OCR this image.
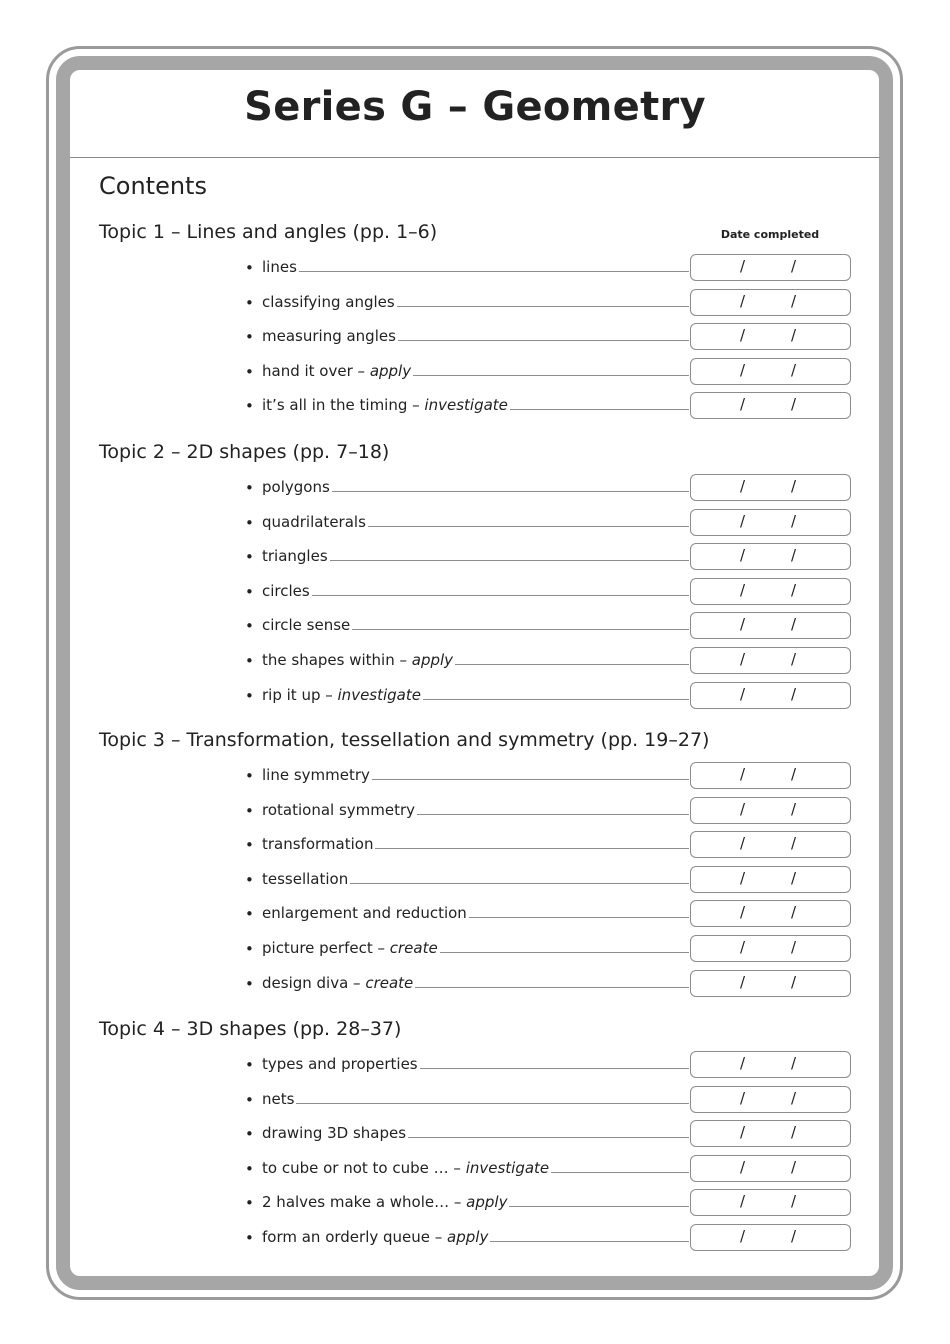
Series G – Geometry
Contents
Date completed
Topic 1 – Lines and angles (pp. 1–6)
• lines	/	/
• classifying angles	/	/
• measuring angles	/	/
• hand it over – apply	/	/
• it’s all in the timing – investigate	/	/
Topic 2 – 2D shapes (pp. 7–18)
• polygons	/	/
• quadrilaterals	/	/
• triangles	/	/
• circles	/	/
• circle sense	/	/
• the shapes within – apply	/	/
• rip it up – investigate	/	/
Topic 3 – Transformation, tessellation and symmetry (pp. 19–27)
• line symmetry	/	/
• rotational symmetry	/	/
• transformation	/	/
• tessellation	/	/
• enlargement and reduction	/	/
• picture perfect – create	/	/
• design diva – create	/	/
Topic 4 – 3D shapes (pp. 28–37)
• types and properties	/	/
• nets	/	/
• drawing 3D shapes	/	/
• to cube or not to cube … – investigate	/	/
• 2 halves make a whole… – apply	/	/
• form an orderly queue – apply	/	/
